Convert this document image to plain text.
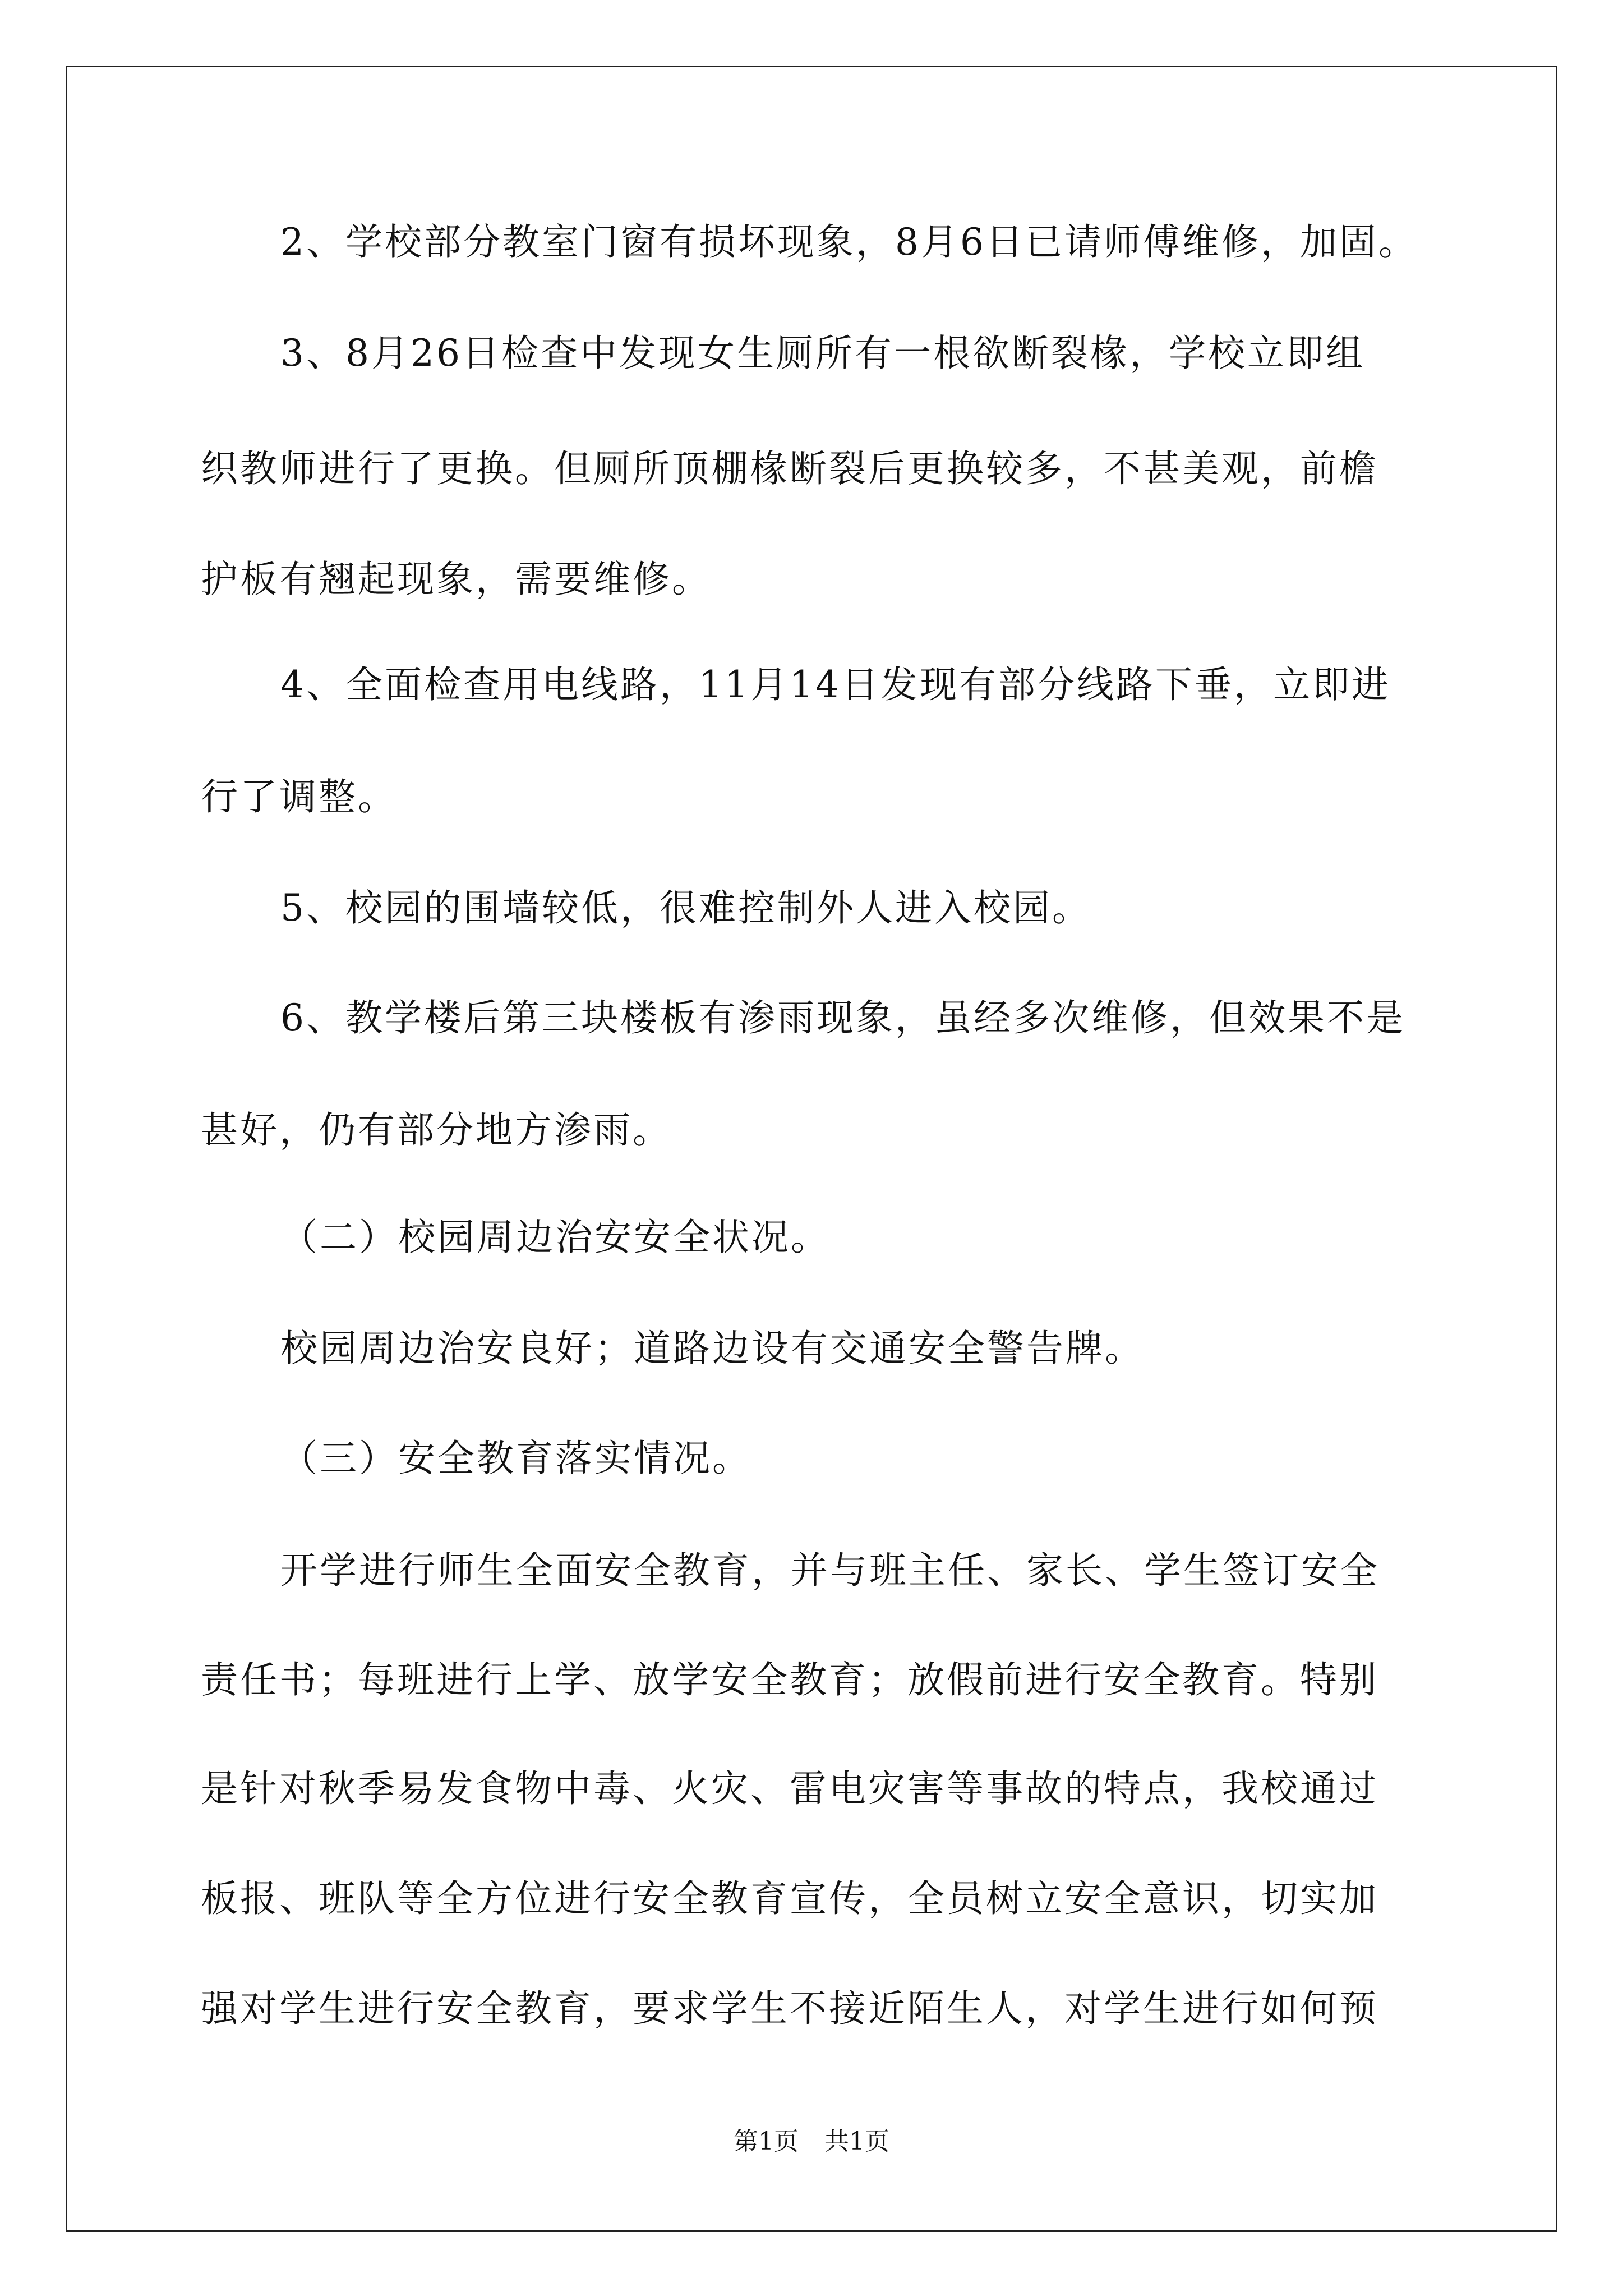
2、学校部分教室门窗有损坏现象，8月6日已请师傅维修，加固。
3、8月26日检查中发现女生厕所有一根欲断裂椽，学校立即组
织教师进行了更换。但厕所顶棚椽断裂后更换较多，不甚美观，前檐
护板有翘起现象，需要维修。
4、全面检查用电线路，11月14日发现有部分线路下垂，立即进
行了调整。
5、校园的围墙较低，很难控制外人进入校园。
6、教学楼后第三块楼板有渗雨现象，虽经多次维修，但效果不是
甚好，仍有部分地方渗雨。
（二）校园周边治安安全状况。
校园周边治安良好；道路边设有交通安全警告牌。
（三）安全教育落实情况。
开学进行师生全面安全教育，并与班主任、家长、学生签订安全
责任书；每班进行上学、放学安全教育；放假前进行安全教育。特别
是针对秋季易发食物中毒、火灾、雷电灾害等事故的特点，我校通过
板报、班队等全方位进行安全教育宣传，全员树立安全意识，切实加
强对学生进行安全教育，要求学生不接近陌生人，对学生进行如何预
第1页 共1页
